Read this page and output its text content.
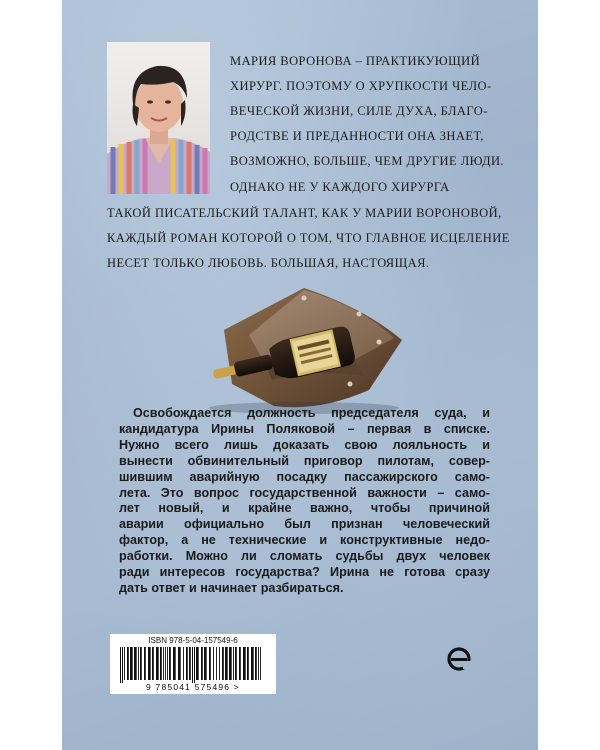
МАРИЯ ВОРОНОВА – ПРАКТИКУЮЩИЙ
ХИРУРГ. ПОЭТОМУ О ХРУПКОСТИ ЧЕЛО-
ВЕЧЕСКОЙ ЖИЗНИ, СИЛЕ ДУХА, БЛАГО-
РОДСТВЕ И ПРЕДАННОСТИ ОНА ЗНАЕТ,
ВОЗМОЖНО, БОЛЬШЕ, ЧЕМ ДРУГИЕ ЛЮДИ.
ОДНАКО НЕ У КАЖДОГО ХИРУРГА
ТАКОЙ ПИСАТЕЛЬСКИЙ ТАЛАНТ, КАК У МАРИИ ВОРОНОВОЙ,
КАЖДЫЙ РОМАН КОТОРОЙ О ТОМ, ЧТО ГЛАВНОЕ ИСЦЕЛЕНИЕ
НЕСЕТ ТОЛЬКО ЛЮБОВЬ. БОЛЬШАЯ, НАСТОЯЩАЯ.
Освобождается должность председателя суда, и
кандидатура Ирины Поляковой – первая в списке.
Нужно всего лишь доказать свою лояльность и
вынести обвинительный приговор пилотам, совер-
шившим аварийную посадку пассажирского само-
лета. Это вопрос государственной важности – само-
лет новый, и крайне важно, чтобы причиной
аварии официально был признан человеческий
фактор, а не технические и конструктивные недо-
работки. Можно ли сломать судьбы двух человек
ради интересов государства? Ирина не готова сразу
дать ответ и начинает разбираться.
ISBN 978-5-04-157549-6
9 785041 575496 >
